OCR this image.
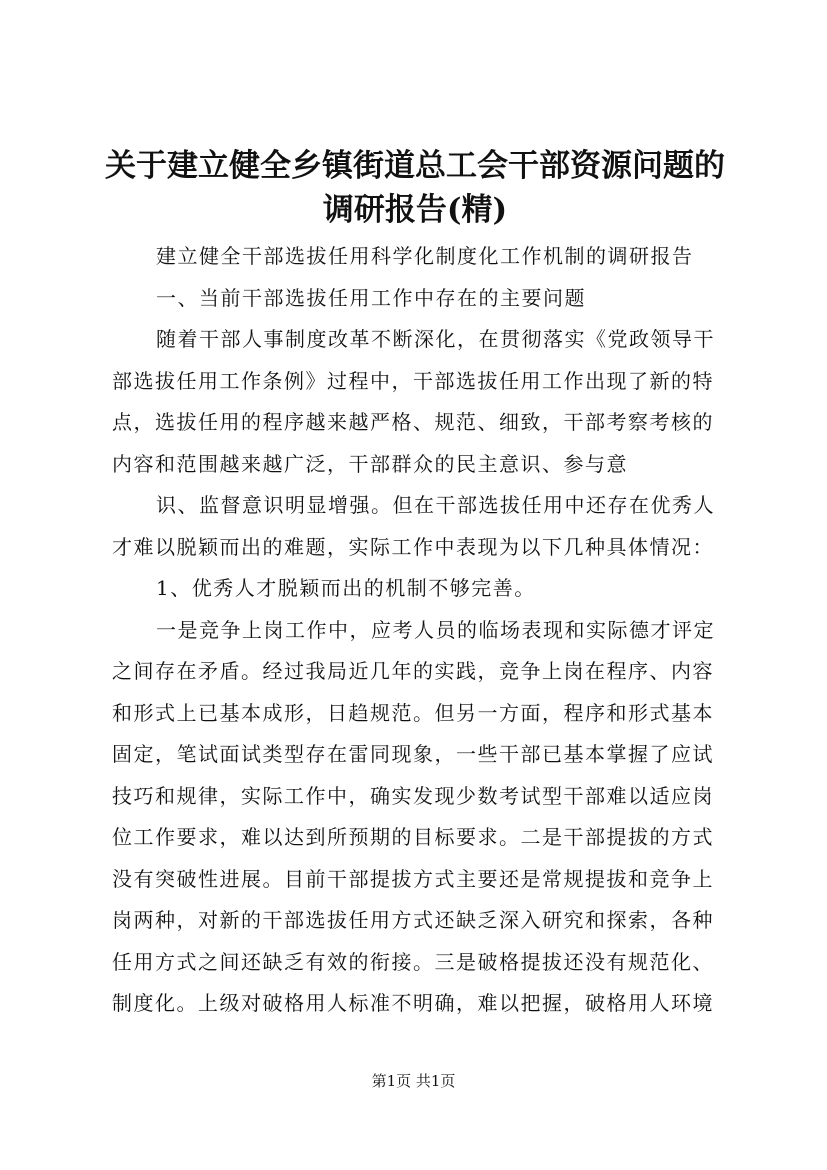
关于建立健全乡镇街道总工会干部资源问题的
调研报告(精)
建立健全干部选拔任用科学化制度化工作机制的调研报告
一、当前干部选拔任用工作中存在的主要问题
随着干部人事制度改革不断深化，在贯彻落实《党政领导干
部选拔任用工作条例》过程中，干部选拔任用工作出现了新的特
点，选拔任用的程序越来越严格、规范、细致，干部考察考核的
内容和范围越来越广泛，干部群众的民主意识、参与意
识、监督意识明显增强。但在干部选拔任用中还存在优秀人
才难以脱颖而出的难题，实际工作中表现为以下几种具体情况：
1、优秀人才脱颖而出的机制不够完善。
一是竞争上岗工作中，应考人员的临场表现和实际德才评定
之间存在矛盾。经过我局近几年的实践，竞争上岗在程序、内容
和形式上已基本成形，日趋规范。但另一方面，程序和形式基本
固定，笔试面试类型存在雷同现象，一些干部已基本掌握了应试
技巧和规律，实际工作中，确实发现少数考试型干部难以适应岗
位工作要求，难以达到所预期的目标要求。二是干部提拔的方式
没有突破性进展。目前干部提拔方式主要还是常规提拔和竞争上
岗两种，对新的干部选拔任用方式还缺乏深入研究和探索，各种
任用方式之间还缺乏有效的衔接。三是破格提拔还没有规范化、
制度化。上级对破格用人标准不明确，难以把握，破格用人环境
第1页 共1页
